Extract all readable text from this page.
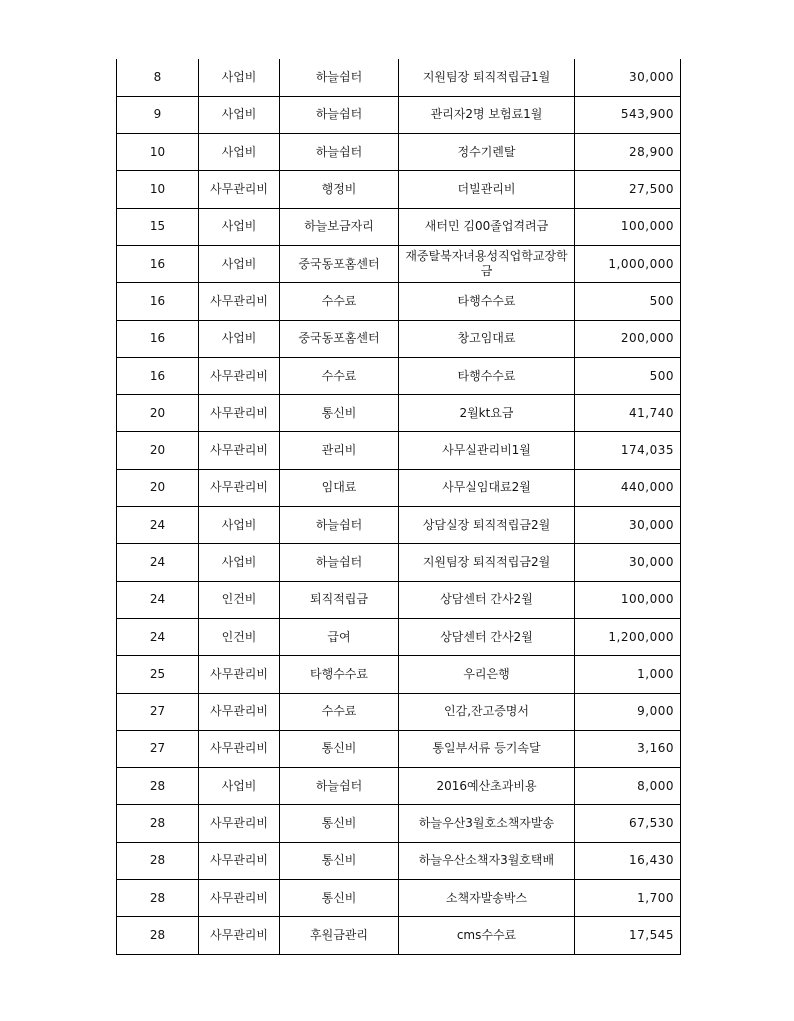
8	사업비	하늘쉼터	지원팀장 퇴직적립금1월	30,000
9	사업비	하늘쉼터	관리자2명 보험료1월	543,900
10	사업비	하늘쉼터	정수기렌탈	28,900
10	사무관리비	행정비	더빌관리비	27,500
15	사업비	하늘보금자리	새터민 김00졸업격려금	100,000
16	사업비	중국동포홈센터	재중탈북자녀용성직업학교장학금	1,000,000
16	사무관리비	수수료	타행수수료	500
16	사업비	중국동포홈센터	창고임대료	200,000
16	사무관리비	수수료	타행수수료	500
20	사무관리비	통신비	2월kt요금	41,740
20	사무관리비	관리비	사무실관리비1월	174,035
20	사무관리비	임대료	사무실임대료2월	440,000
24	사업비	하늘쉼터	상담실장 퇴직적립금2월	30,000
24	사업비	하늘쉼터	지원팀장 퇴직적립금2월	30,000
24	인건비	퇴직적립금	상담센터 간사2월	100,000
24	인건비	급여	상담센터 간사2월	1,200,000
25	사무관리비	타행수수료	우리은행	1,000
27	사무관리비	수수료	인감,잔고증명서	9,000
27	사무관리비	통신비	통일부서류 등기속달	3,160
28	사업비	하늘쉼터	2016예산초과비용	8,000
28	사무관리비	통신비	하늘우산3월호소책자발송	67,530
28	사무관리비	통신비	하늘우산소책자3월호택배	16,430
28	사무관리비	통신비	소책자발송박스	1,700
28	사무관리비	후원금관리	cms수수료	17,545
